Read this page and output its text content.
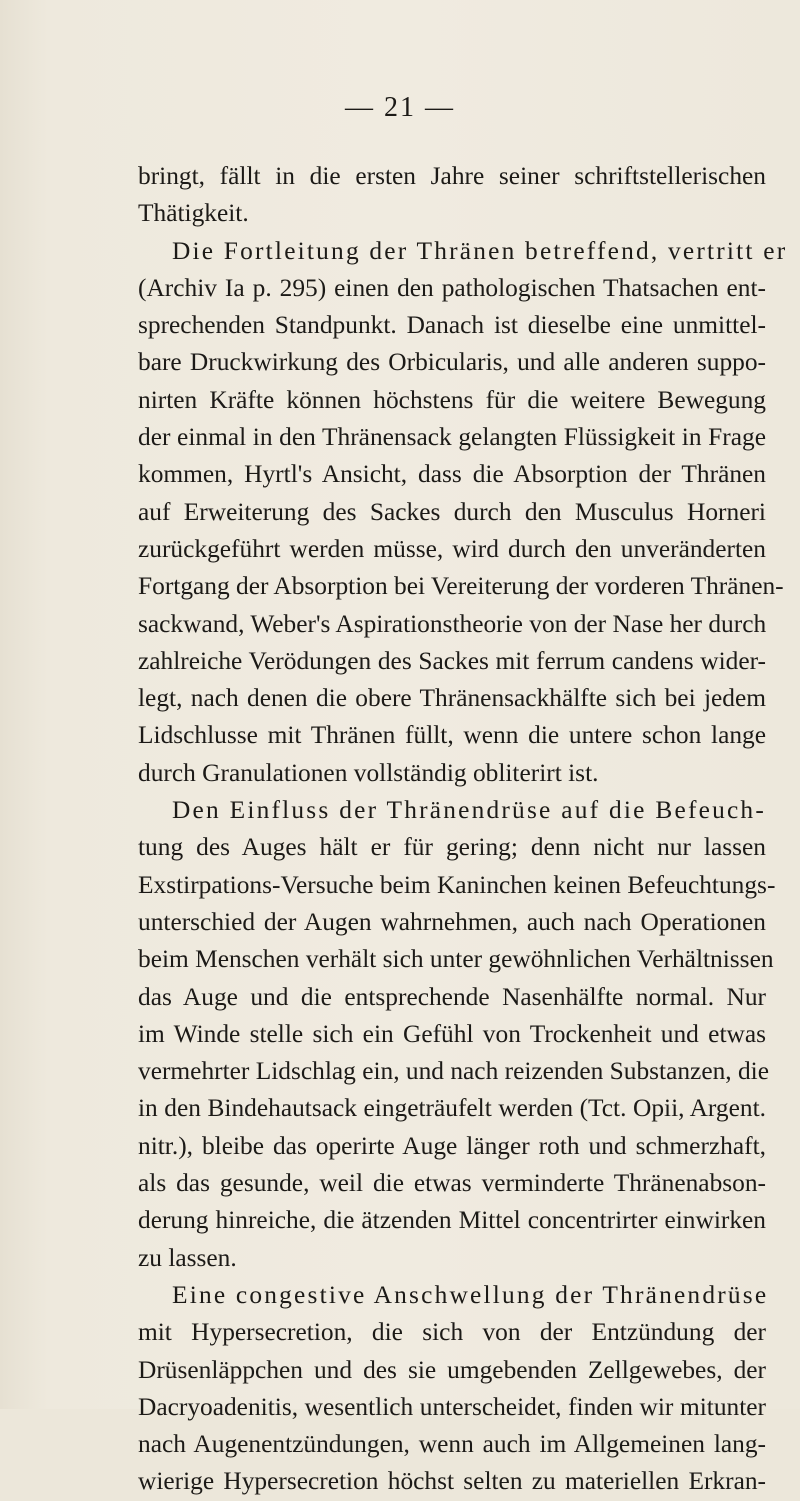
— 21 —
bringt, fällt in die ersten Jahre seiner schriftstellerischen
Thätigkeit.
Die Fortleitung der Thränen betreffend, vertritt er
(Archiv Ia p. 295) einen den pathologischen Thatsachen ent-
sprechenden Standpunkt. Danach ist dieselbe eine unmittel-
bare Druckwirkung des Orbicularis, und alle anderen suppo-
nirten Kräfte können höchstens für die weitere Bewegung
der einmal in den Thränensack gelangten Flüssigkeit in Frage
kommen, Hyrtl's Ansicht, dass die Absorption der Thränen
auf Erweiterung des Sackes durch den Musculus Horneri
zurückgeführt werden müsse, wird durch den unveränderten
Fortgang der Absorption bei Vereiterung der vorderen Thränen-
sackwand, Weber's Aspirationstheorie von der Nase her durch
zahlreiche Verödungen des Sackes mit ferrum candens wider-
legt, nach denen die obere Thränensackhälfte sich bei jedem
Lidschlusse mit Thränen füllt, wenn die untere schon lange
durch Granulationen vollständig obliterirt ist.
Den Einfluss der Thränendrüse auf die Befeuch-
tung des Auges hält er für gering; denn nicht nur lassen
Exstirpations-Versuche beim Kaninchen keinen Befeuchtungs-
unterschied der Augen wahrnehmen, auch nach Operationen
beim Menschen verhält sich unter gewöhnlichen Verhältnissen
das Auge und die entsprechende Nasenhälfte normal. Nur
im Winde stelle sich ein Gefühl von Trockenheit und etwas
vermehrter Lidschlag ein, und nach reizenden Substanzen, die
in den Bindehautsack eingeträufelt werden (Tct. Opii, Argent.
nitr.), bleibe das operirte Auge länger roth und schmerzhaft,
als das gesunde, weil die etwas verminderte Thränenabson-
derung hinreiche, die ätzenden Mittel concentrirter einwirken
zu lassen.
Eine congestive Anschwellung der Thränendrüse
mit Hypersecretion, die sich von der Entzündung der
Drüsenläppchen und des sie umgebenden Zellgewebes, der
Dacryoadenitis, wesentlich unterscheidet, finden wir mitunter
nach Augenentzündungen, wenn auch im Allgemeinen lang-
wierige Hypersecretion höchst selten zu materiellen Erkran-
